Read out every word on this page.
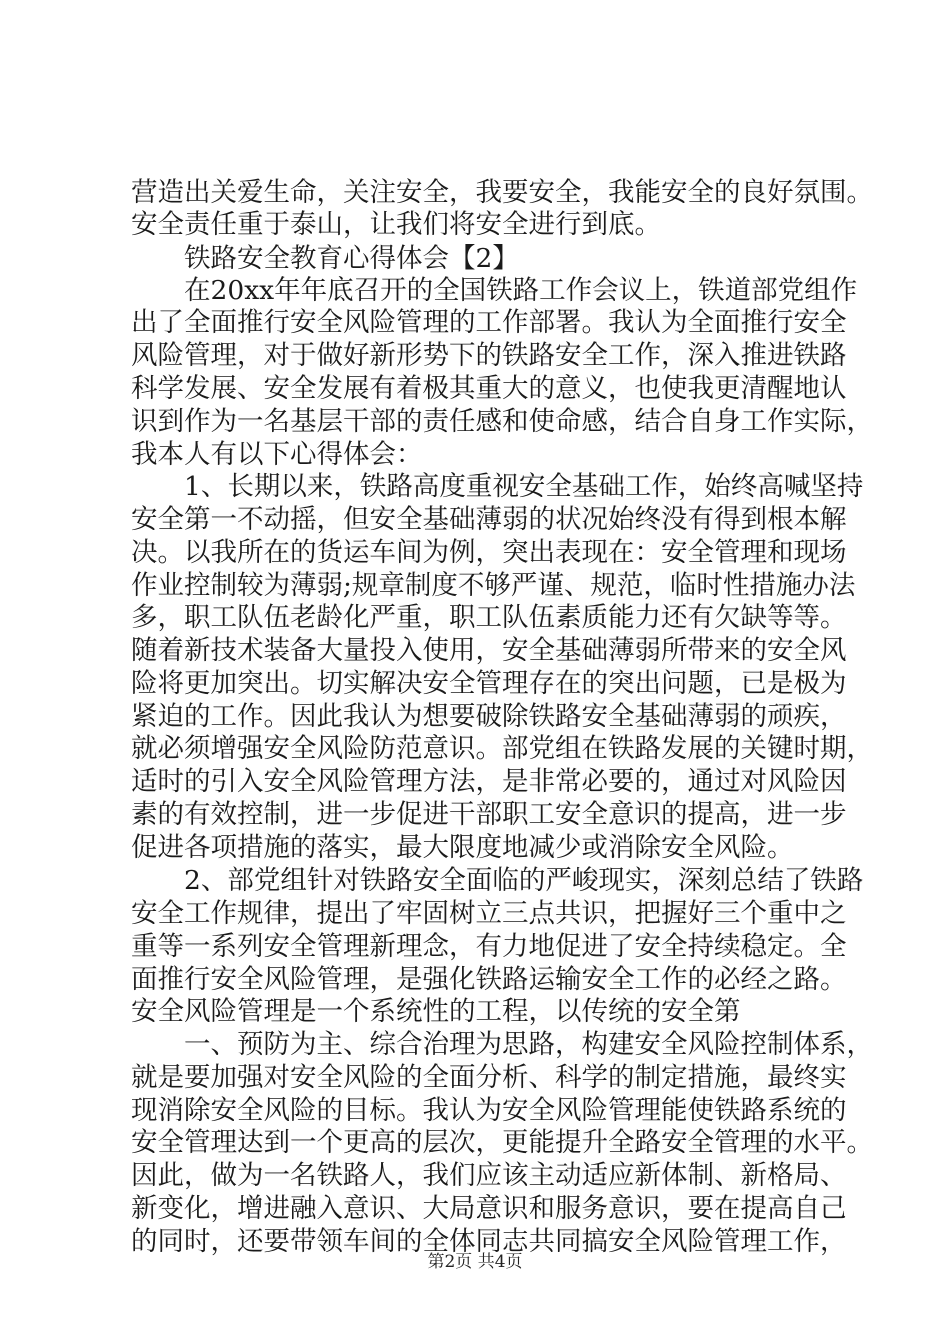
营造出关爱生命，关注安全，我要安全，我能安全的良好氛围。
安全责任重于泰山，让我们将安全进行到底。
　　铁路安全教育心得体会【2】
　　在20xx年年底召开的全国铁路工作会议上，铁道部党组作
出了全面推行安全风险管理的工作部署。我认为全面推行安全
风险管理，对于做好新形势下的铁路安全工作，深入推进铁路
科学发展、安全发展有着极其重大的意义，也使我更清醒地认
识到作为一名基层干部的责任感和使命感，结合自身工作实际，
我本人有以下心得体会：
　　1、长期以来，铁路高度重视安全基础工作，始终高喊坚持
安全第一不动摇，但安全基础薄弱的状况始终没有得到根本解
决。以我所在的货运车间为例，突出表现在：安全管理和现场
作业控制较为薄弱;规章制度不够严谨、规范，临时性措施办法
多，职工队伍老龄化严重，职工队伍素质能力还有欠缺等等。
随着新技术装备大量投入使用，安全基础薄弱所带来的安全风
险将更加突出。切实解决安全管理存在的突出问题，已是极为
紧迫的工作。因此我认为想要破除铁路安全基础薄弱的顽疾，
就必须增强安全风险防范意识。部党组在铁路发展的关键时期，
适时的引入安全风险管理方法，是非常必要的，通过对风险因
素的有效控制，进一步促进干部职工安全意识的提高，进一步
促进各项措施的落实，最大限度地减少或消除安全风险。
　　2、部党组针对铁路安全面临的严峻现实，深刻总结了铁路
安全工作规律，提出了牢固树立三点共识，把握好三个重中之
重等一系列安全管理新理念，有力地促进了安全持续稳定。全
面推行安全风险管理，是强化铁路运输安全工作的必经之路。
安全风险管理是一个系统性的工程，以传统的安全第
　　一、预防为主、综合治理为思路，构建安全风险控制体系，
就是要加强对安全风险的全面分析、科学的制定措施，最终实
现消除安全风险的目标。我认为安全风险管理能使铁路系统的
安全管理达到一个更高的层次，更能提升全路安全管理的水平。
因此，做为一名铁路人，我们应该主动适应新体制、新格局、
新变化，增进融入意识、大局意识和服务意识，要在提高自己
的同时，还要带领车间的全体同志共同搞安全风险管理工作，
第2页 共4页
